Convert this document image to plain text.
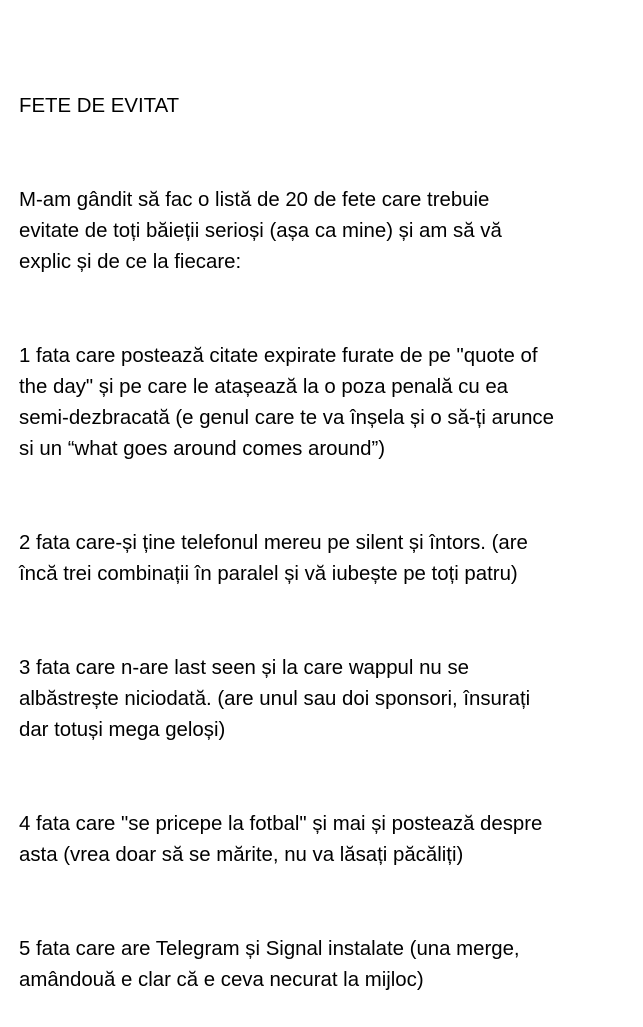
FETE DE EVITAT

M-am gândit să fac o listă de 20 de fete care trebuie
evitate de toți băieții serioși (așa ca mine) și am să vă
explic și de ce la fiecare:

1 fata care postează citate expirate furate de pe "quote of
the day" și pe care le atașează la o poza penală cu ea
semi-dezbracată (e genul care te va înșela și o să-ți arunce
si un “what goes around comes around”)

2 fata care-și ține telefonul mereu pe silent și întors. (are
încă trei combinații în paralel și vă iubește pe toți patru)

3 fata care n-are last seen și la care wappul nu se
albăstrește niciodată. (are unul sau doi sponsori, însurați
dar totuși mega geloși)

4 fata care "se pricepe la fotbal" și mai și postează despre
asta (vrea doar să se mărite, nu va lăsați păcăliți)

5 fata care are Telegram și Signal instalate (una merge,
amândouă e clar că e ceva necurat la mijloc)
